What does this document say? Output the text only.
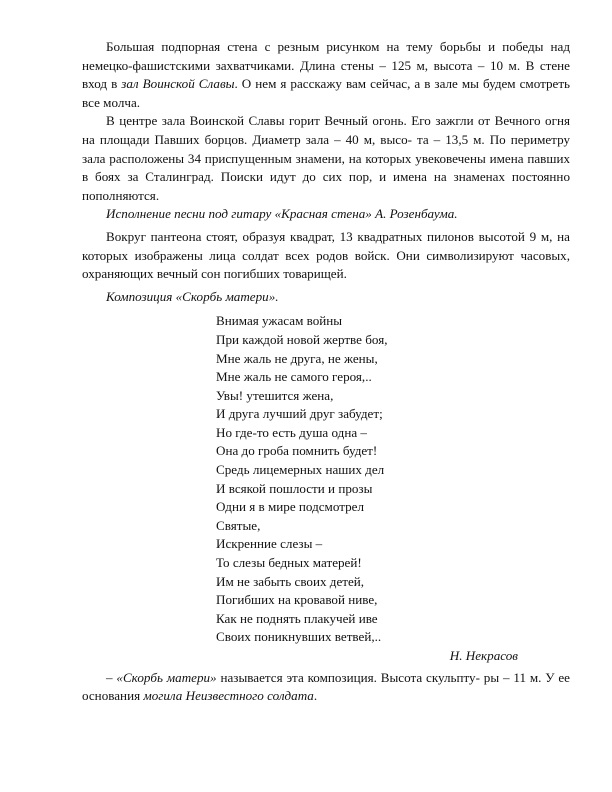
Большая подпорная стена с резным рисунком на тему борьбы и победы над немецко-фашистскими захватчиками. Длина стены – 125 м, высота – 10 м. В стене вход в зал Воинской Славы. О нем я расскажу вам сейчас, а в зале мы будем смотреть все молча.

В центре зала Воинской Славы горит Вечный огонь. Его зажгли от Вечного огня на площади Павших борцов. Диаметр зала – 40 м, высо- та – 13,5 м. По периметру зала расположены 34 приспущенным знамени, на которых увековечены имена павших в боях за Сталинград. Поиски идут до сих пор, и имена на знаменах постоянно пополняются.

Исполнение песни под гитару «Красная стена» А. Розенбаума.

Вокруг пантеона стоят, образуя квадрат, 13 квадратных пилонов высотой 9 м, на которых изображены лица солдат всех родов войск. Они символизируют часовых, охраняющих вечный сон погибших товарищей.

Композиция «Скорбь матери».
Внимая ужасам войны
При каждой новой жертве боя,
Мне жаль не друга, не жены,
Мне жаль не самого героя,..
Увы! утешится жена,
И друга лучший друг забудет;
Но где-то есть душа одна –
Она до гроба помнить будет!
Средь лицемерных наших дел
И всякой пошлости и прозы
Одни я в мире подсмотрел
Святые,
Искренние слезы –
То слезы бедных матерей!
Им не забыть своих детей,
Погибших на кровавой ниве,
Как не поднять плакучей иве
Своих поникнувших ветвей,..
Н. Некрасов

– «Скорбь матери» называется эта композиция. Высота скульпту- ры – 11 м. У ее основания могила Неизвестного солдата.
